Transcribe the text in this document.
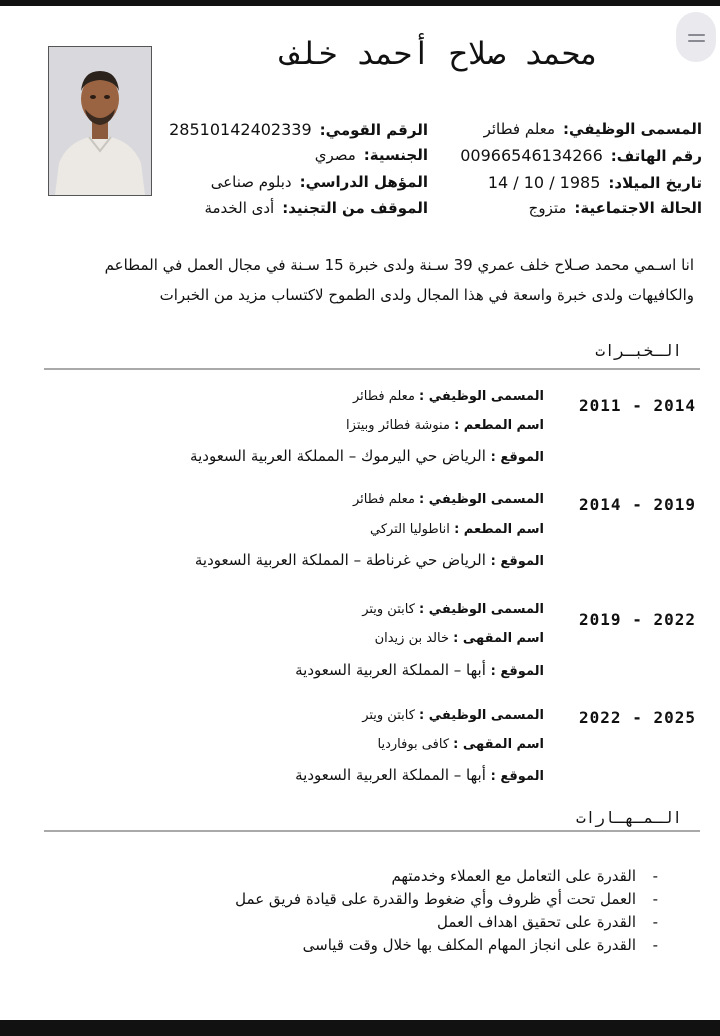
محمد صلاح أحمد خلف
المسمى الوظيفي:معلم فطائر
رقم الهاتف:00966546134266
تاريخ الميلاد:1985 / 10 / 14
الحالة الاجتماعية:متزوج
الرقم القومي:28510142402339
الجنسية:مصري
المؤهل الدراسي:دبلوم صناعى
الموقف من التجنيد:أدى الخدمة
انا اسـمي محمد صـلاح خلف عمري 39 سـنة ولدى خبرة 15 سـنة في مجال العمل في المطاعم
والكافيهات ولدى خبرة واسعة في هذا المجال ولدى الطموح لاكتساب مزيد من الخبرات
الـخبـرات
2011 - 2014
المسمى الوظيفي : معلم فطائر
اسم المطعم : منوشة فطائر وبيتزا
الموقع : الرياض حي اليرموك – المملكة العربية السعودية
2014 - 2019
المسمى الوظيفي : معلم فطائر
اسم المطعم : اناطوليا التركي
الموقع : الرياض حي غرناطة – المملكة العربية السعودية
2019 - 2022
المسمى الوظيفي : كابتن ويتر
اسم المقهى : خالد بن زيدان
الموقع : أبها – المملكة العربية السعودية
2022 - 2025
المسمى الوظيفي : كابتن ويتر
اسم المقهى : كافى بوفارديا
الموقع : أبها – المملكة العربية السعودية
الـمـهـارات
-
القدرة على التعامل مع العملاء وخدمتهم
-
العمل تحت أي ظروف وأي ضغوط والقدرة على قيادة فريق عمل
-
القدرة على تحقيق اهداف العمل
-
القدرة على انجاز المهام المكلف بها خلال وقت قياسى
